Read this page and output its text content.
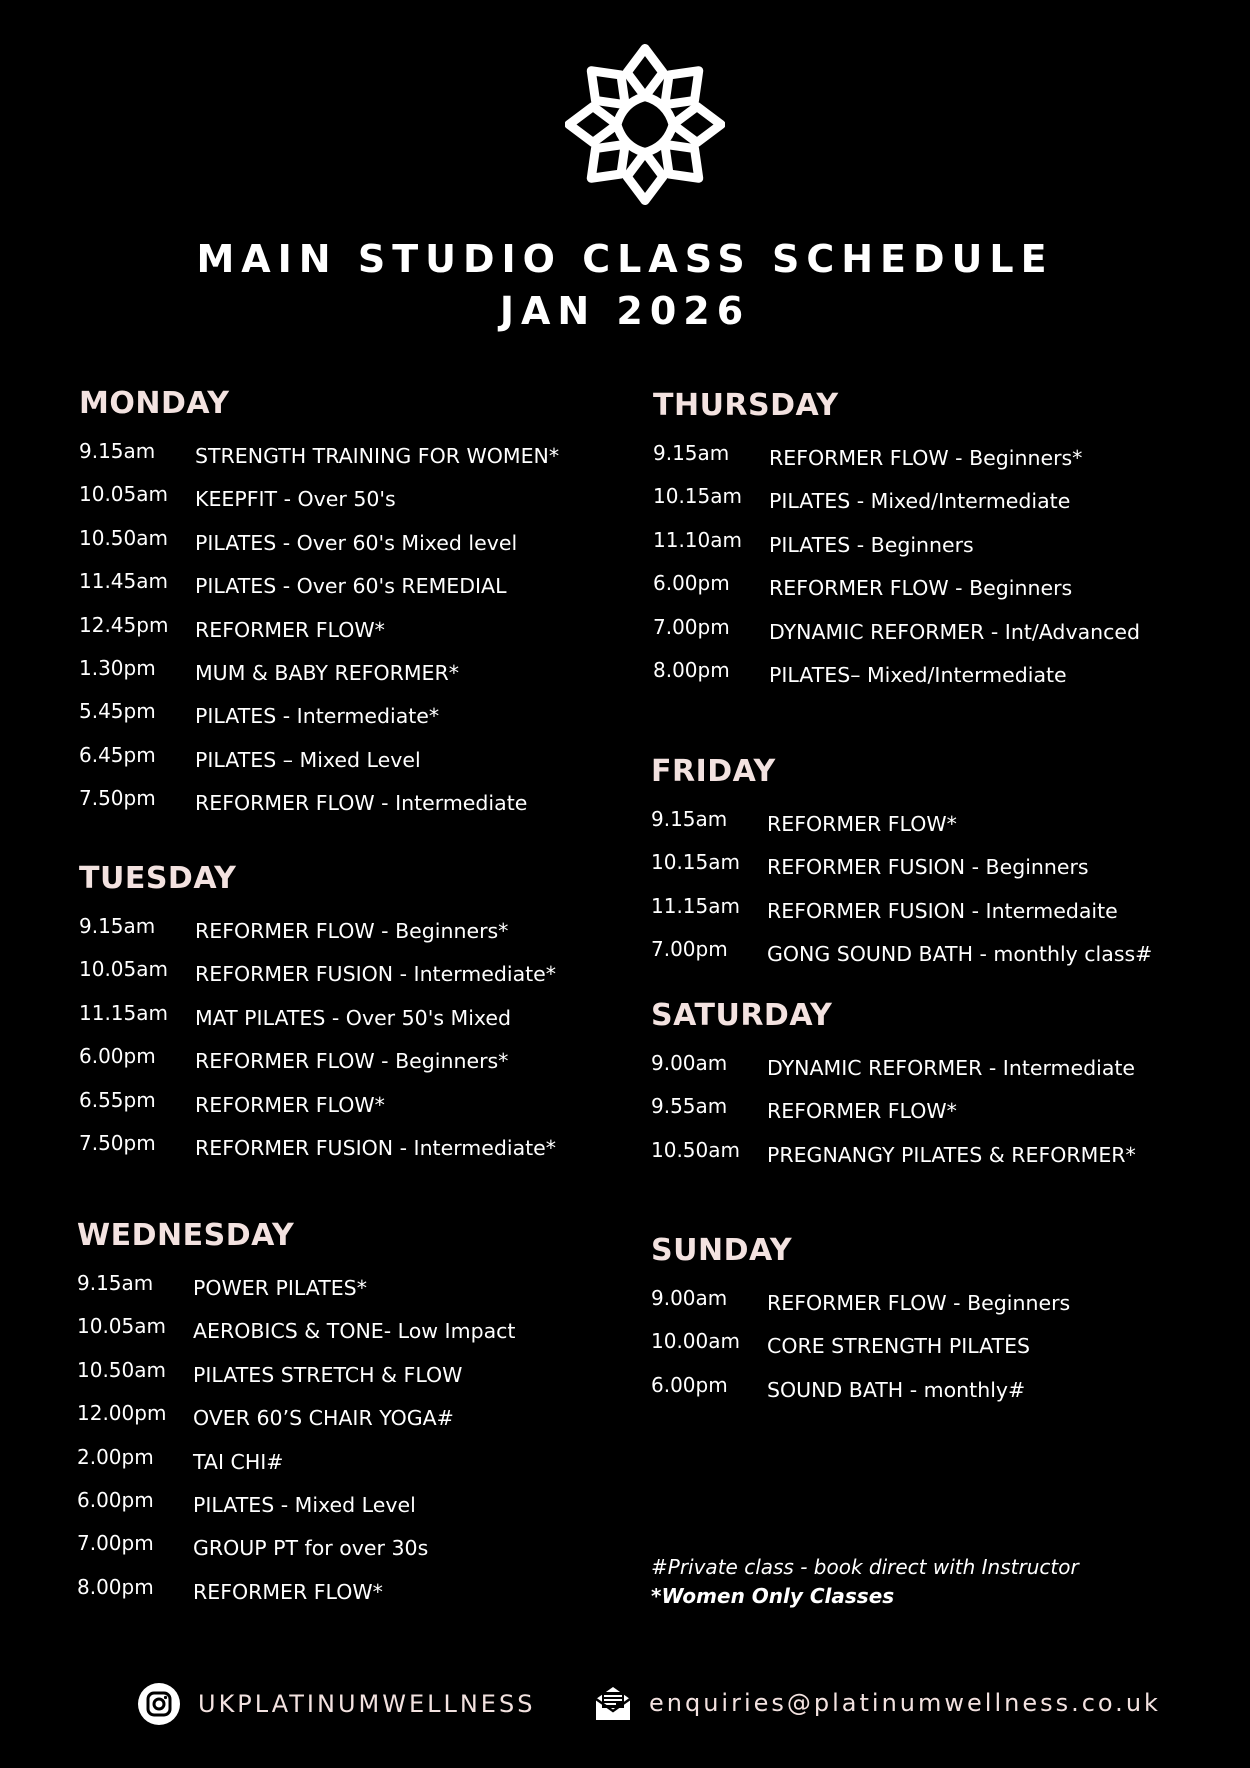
MAIN STUDIO CLASS SCHEDULE
JAN 2026
MONDAY
9.15am STRENGTH TRAINING FOR WOMEN*
10.05am KEEPFIT - Over 50's
10.50am PILATES - Over 60's Mixed level
11.45am PILATES - Over 60's REMEDIAL
12.45pm REFORMER FLOW*
1.30pm MUM & BABY REFORMER*
5.45pm PILATES - Intermediate*
6.45pm PILATES – Mixed Level
7.50pm REFORMER FLOW - Intermediate
TUESDAY
9.15am REFORMER FLOW - Beginners*
10.05am REFORMER FUSION - Intermediate*
11.15am MAT PILATES - Over 50's Mixed
6.00pm REFORMER FLOW - Beginners*
6.55pm REFORMER FLOW*
7.50pm REFORMER FUSION - Intermediate*
WEDNESDAY
9.15am POWER PILATES*
10.05am AEROBICS & TONE- Low Impact
10.50am PILATES STRETCH & FLOW
12.00pm OVER 60’S CHAIR YOGA#
2.00pm TAI CHI#
6.00pm PILATES - Mixed Level
7.00pm GROUP PT for over 30s
8.00pm REFORMER FLOW*
THURSDAY
9.15am REFORMER FLOW - Beginners*
10.15am PILATES - Mixed/Intermediate
11.10am PILATES - Beginners
6.00pm REFORMER FLOW - Beginners
7.00pm DYNAMIC REFORMER - Int/Advanced
8.00pm PILATES– Mixed/Intermediate
FRIDAY
9.15am REFORMER FLOW*
10.15am REFORMER FUSION - Beginners
11.15am REFORMER FUSION - Intermedaite
7.00pm GONG SOUND BATH - monthly class#
SATURDAY
9.00am DYNAMIC REFORMER - Intermediate
9.55am REFORMER FLOW*
10.50am PREGNANGY PILATES & REFORMER*
SUNDAY
9.00am REFORMER FLOW - Beginners
10.00am CORE STRENGTH PILATES
6.00pm SOUND BATH - monthly#
#Private class - book direct with Instructor
*Women Only Classes
UKPLATINUMWELLNESS	enquiries@platinumwellness.co.uk
